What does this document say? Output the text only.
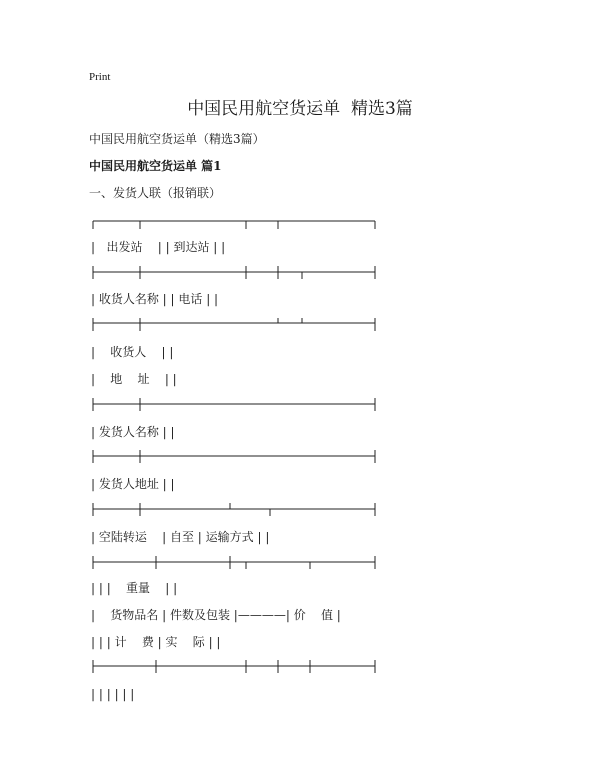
Print
中国民用航空货运单  精选3篇
中国民用航空货运单（精选3篇）
中国民用航空货运单 篇1
一、发货人联（报销联）
|   出发站    | | 到达站 | |
| 收货人名称 | | 电话 | |
|    收货人    | |
|    地    址    | |
| 发货人名称 | |
| 发货人地址 | |
| 空陆转运    | 自至 | 运输方式 | |
| | |    重量    | |
|    货物品名 | 件数及包装 |————| 价    值 |
| | | 计    费 | 实    际 | |
| | | | | |
